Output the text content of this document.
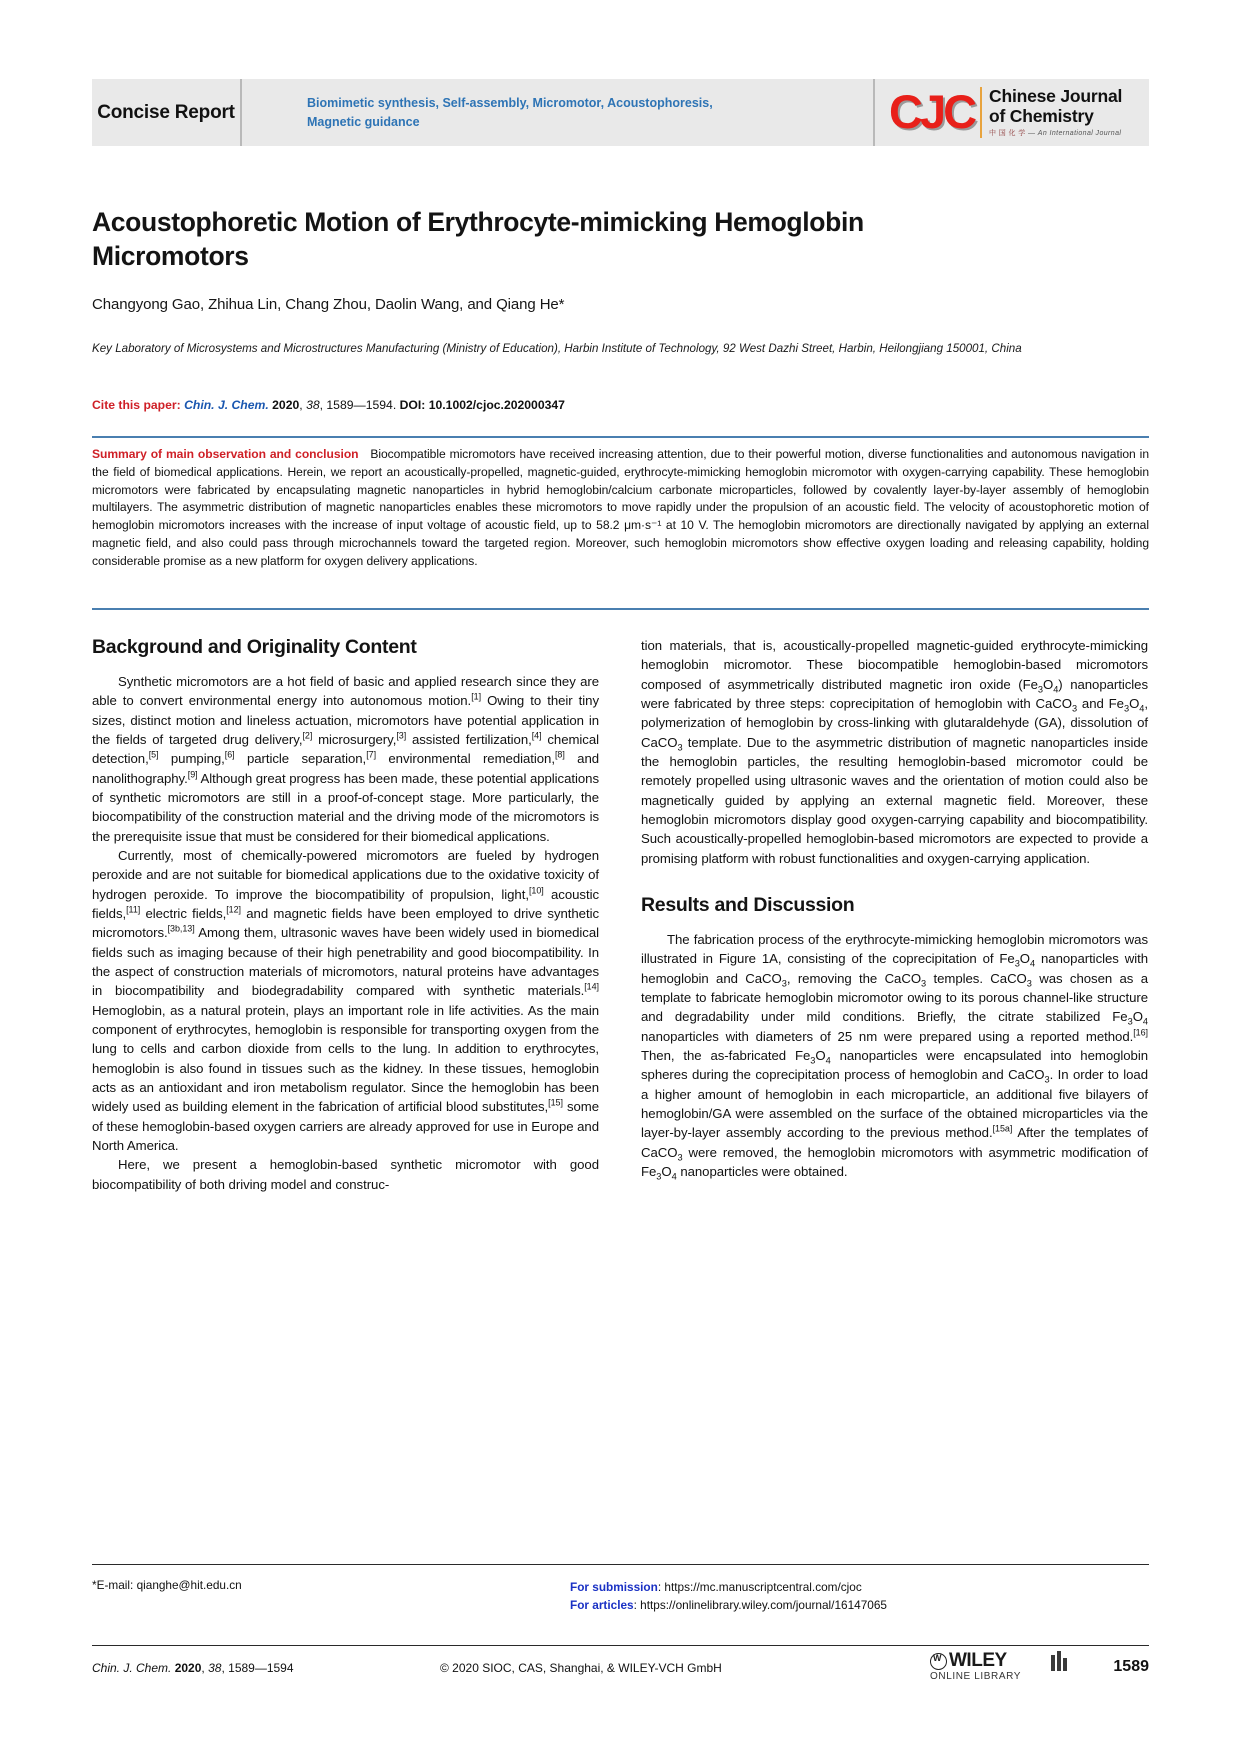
Concise Report	Biomimetic synthesis, Self-assembly, Micromotor, Acoustophoresis, Magnetic guidance	CJC Chinese Journal
of Chemistry
中 国 化 学 — An International Journal
Acoustophoretic Motion of Erythrocyte-mimicking Hemoglobin Micromotors
Changyong Gao, Zhihua Lin, Chang Zhou, Daolin Wang, and Qiang He*
Key Laboratory of Microsystems and Microstructures Manufacturing (Ministry of Education), Harbin Institute of Technology, 92 West Dazhi Street, Harbin, Heilongjiang 150001, China
Cite this paper: Chin. J. Chem. 2020, 38, 1589—1594. DOI: 10.1002/cjoc.202000347
Summary of main observation and conclusion Biocompatible micromotors have received increasing attention, due to their powerful motion, diverse functionalities and autonomous navigation in the field of biomedical applications. Herein, we report an acoustically-propelled, magnetic-guided, erythrocyte-mimicking hemoglobin micromotor with oxygen-carrying capability. These hemoglobin micromotors were fabricated by encapsulating magnetic nanoparticles in hybrid hemoglobin/calcium carbonate microparticles, followed by covalently layer-by-layer assembly of hemoglobin multilayers. The asymmetric distribution of magnetic nanoparticles enables these micromotors to move rapidly under the propulsion of an acoustic field. The velocity of acoustophoretic motion of hemoglobin micromotors increases with the increase of input voltage of acoustic field, up to 58.2 μm·s⁻¹ at 10 V. The hemoglobin micromotors are directionally navigated by applying an external magnetic field, and also could pass through microchannels toward the targeted region. Moreover, such hemoglobin micromotors show effective oxygen loading and releasing capability, holding considerable promise as a new platform for oxygen delivery applications.
Background and Originality Content

Synthetic micromotors are a hot field of basic and applied research since they are able to convert environmental energy into autonomous motion.[1] Owing to their tiny sizes, distinct motion and lineless actuation, micromotors have potential application in the fields of targeted drug delivery,[2] microsurgery,[3] assisted fertilization,[4] chemical detection,[5] pumping,[6] particle separation,[7] environmental remediation,[8] and nanolithography.[9] Although great progress has been made, these potential applications of synthetic micromotors are still in a proof-of-concept stage. More particularly, the biocompatibility of the construction material and the driving mode of the micromotors is the prerequisite issue that must be considered for their biomedical applications.

Currently, most of chemically-powered micromotors are fueled by hydrogen peroxide and are not suitable for biomedical applications due to the oxidative toxicity of hydrogen peroxide. To improve the biocompatibility of propulsion, light,[10] acoustic fields,[11] electric fields,[12] and magnetic fields have been employed to drive synthetic micromotors.[3b,13] Among them, ultrasonic waves have been widely used in biomedical fields such as imaging because of their high penetrability and good biocompatibility. In the aspect of construction materials of micromotors, natural proteins have advantages in biocompatibility and biodegradability compared with synthetic materials.[14] Hemoglobin, as a natural protein, plays an important role in life activities. As the main component of erythrocytes, hemoglobin is responsible for transporting oxygen from the lung to cells and carbon dioxide from cells to the lung. In addition to erythrocytes, hemoglobin is also found in tissues such as the kidney. In these tissues, hemoglobin acts as an antioxidant and iron metabolism regulator. Since the hemoglobin has been widely used as building element in the fabrication of artificial blood substitutes,[15] some of these hemoglobin-based oxygen carriers are already approved for use in Europe and North America.

Here, we present a hemoglobin-based synthetic micromotor with good biocompatibility of both driving model and construc-

tion materials, that is, acoustically-propelled magnetic-guided erythrocyte-mimicking hemoglobin micromotor. These biocompatible hemoglobin-based micromotors composed of asymmetrically distributed magnetic iron oxide $(Fe_3O_4)$ nanoparticles were fabricated by three steps: coprecipitation of hemoglobin with CaCO$_3$ and $Fe_3O_4$, polymerization of hemoglobin by cross-linking with glutaraldehyde (GA), dissolution of CaCO$_3$ template. Due to the asymmetric distribution of magnetic nanoparticles inside the hemoglobin particles, the resulting hemoglobin-based micromotor could be remotely propelled using ultrasonic waves and the orientation of motion could also be magnetically guided by applying an external magnetic field. Moreover, these hemoglobin micromotors display good oxygen-carrying capability and biocompatibility. Such acoustically-propelled hemoglobin-based micromotors are expected to provide a promising platform with robust functionalities and oxygen-carrying application.

Results and Discussion

The fabrication process of the erythrocyte-mimicking hemoglobin micromotors was illustrated in Figure 1A, consisting of the coprecipitation of $Fe_3O_4$ nanoparticles with hemoglobin and CaCO$_3$, removing the CaCO$_3$ temples. CaCO$_3$ was chosen as a template to fabricate hemoglobin micromotor owing to its porous channel-like structure and degradability under mild conditions. Briefly, the citrate stabilized $Fe_3O_4$ nanoparticles with diameters of 25 nm were prepared using a reported method.[16] Then, the as-fabricated $Fe_3O_4$ nanoparticles were encapsulated into hemoglobin spheres during the coprecipitation process of hemoglobin and CaCO$_3$. In order to load a higher amount of hemoglobin in each microparticle, an additional five bilayers of hemoglobin/GA were assembled on the surface of the obtained microparticles via the layer-by-layer assembly according to the previous method.[15a] After the templates of CaCO$_3$ were removed, the hemoglobin micromotors with asymmetric modification of $Fe_3O_4$ nanoparticles were obtained.

*E-mail: qianghe@hit.edu.cn	For submission: https://mc.manuscriptcentral.com/cjoc
For articles: https://onlinelibrary.wiley.com/journal/16147065
Chin. J. Chem. 2020, 38, 1589—1594	© 2020 SIOC, CAS, Shanghai, & WILEY-VCH GmbH W	WILEY
ONLINE LIBRARY
1589
